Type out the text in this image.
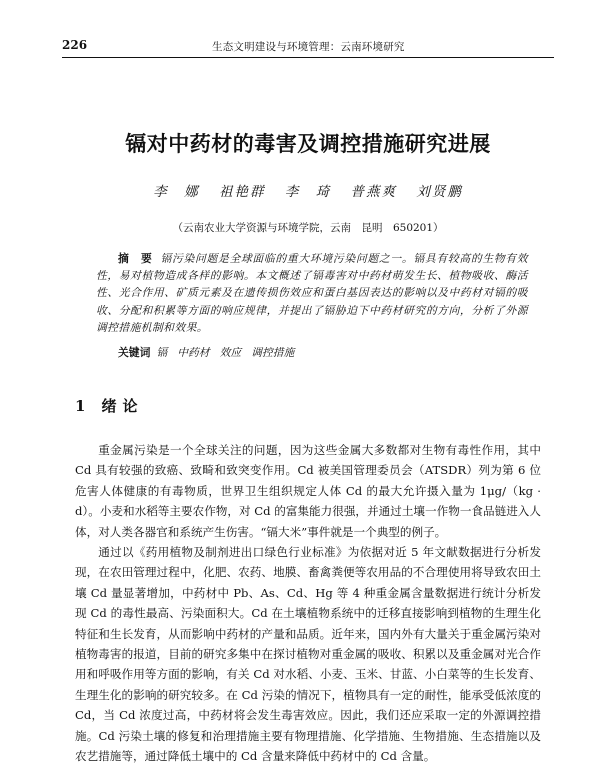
226	生态文明建设与环境管理：云南环境研究
镉对中药材的毒害及调控措施研究进展
李　娜 祖艳群 李　琦 普燕爽 刘贤鹏
（云南农业大学资源与环境学院，云南　昆明　650201）
摘　要 镉污染问题是全球面临的重大环境污染问题之一。镉具有较高的生物有效性，易对植物造成各样的影响。本文概述了镉毒害对中药材萌发生长、植物吸收、酶活性、光合作用、矿质元素及在遗传损伤效应和蛋白基因表达的影响以及中药材对镉的吸收、分配和积累等方面的响应规律，并提出了镉胁迫下中药材研究的方向，分析了外源调控措施机制和效果。
关键词 镉 中药材 效应 调控措施
1 绪论

重金属污染是一个全球关注的问题，因为这些金属大多数都对生物有毒性作用，其中 Cd 具有较强的致癌、致畸和致突变作用。Cd 被美国管理委员会（ATSDR）列为第 6 位危害人体健康的有毒物质，世界卫生组织规定人体 Cd 的最大允许摄入量为 1μg/（kg · d）。小麦和水稻等主要农作物，对 Cd 的富集能力很强，并通过土壤一作物一食品链进入人体，对人类各器官和系统产生伤害。“镉大米”事件就是一个典型的例子。

通过以《药用植物及制剂进出口绿色行业标准》为依据对近 5 年文献数据进行分析发现，在农田管理过程中，化肥、农药、地膜、畜禽粪便等农用品的不合理使用将导致农田土壤 Cd 量显著增加，中药材中 Pb、As、Cd、Hg 等 4 种重金属含量数据进行统计分析发现 Cd 的毒性最高、污染面积大。Cd 在土壤植物系统中的迁移直接影响到植物的生理生化特征和生长发育，从而影响中药材的产量和品质。近年来，国内外有大量关于重金属污染对植物毒害的报道，目前的研究多集中在探讨植物对重金属的吸收、积累以及重金属对光合作用和呼吸作用等方面的影响，有关 Cd 对水稻、小麦、玉米、甘蓝、小白菜等的生长发育、生理生化的影响的研究较多。在 Cd 污染的情况下，植物具有一定的耐性，能承受低浓度的 Cd，当 Cd 浓度过高，中药材将会发生毒害效应。因此，我们还应采取一定的外源调控措施。Cd 污染土壤的修复和治理措施主要有物理措施、化学措施、生物措施、生态措施以及农艺措施等，通过降低土壤中的 Cd 含量来降低中药材中的 Cd 含量。
